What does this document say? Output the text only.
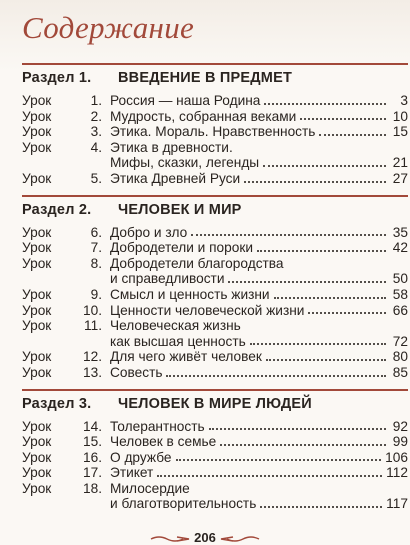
Содержание
Раздел 1. ВВЕДЕНИЕ В ПРЕДМЕТ
Урок	1. Россия — наша Родина	3
Урок	2. Мудрость, собранная веками	10
Урок	3. Этика. Мораль. Нравственность	15
Урок	4. Этика в древности.
Мифы, сказки, легенды	21
Урок	5. Этика Древней Руси	27
Раздел 2. ЧЕЛОВЕК И МИР
Урок	6. Добро и зло	35
Урок	7. Добродетели и пороки	42
Урок	8. Добродетели благородства
и справедливости	50
Урок	9. Смысл и ценность жизни	58
Урок	10. Ценности человеческой жизни	66
Урок	11. Человеческая жизнь
как высшая ценность	72
Урок	12. Для чего живёт человек	80
Урок	13. Совесть	85
Раздел 3. ЧЕЛОВЕК В МИРЕ ЛЮДЕЙ
Урок	14. Толерантность	92
Урок	15. Человек в семье	99
Урок	16. О дружбе	106
Урок	17. Этикет	112
Урок	18. Милосердие
и благотворительность	117
206
